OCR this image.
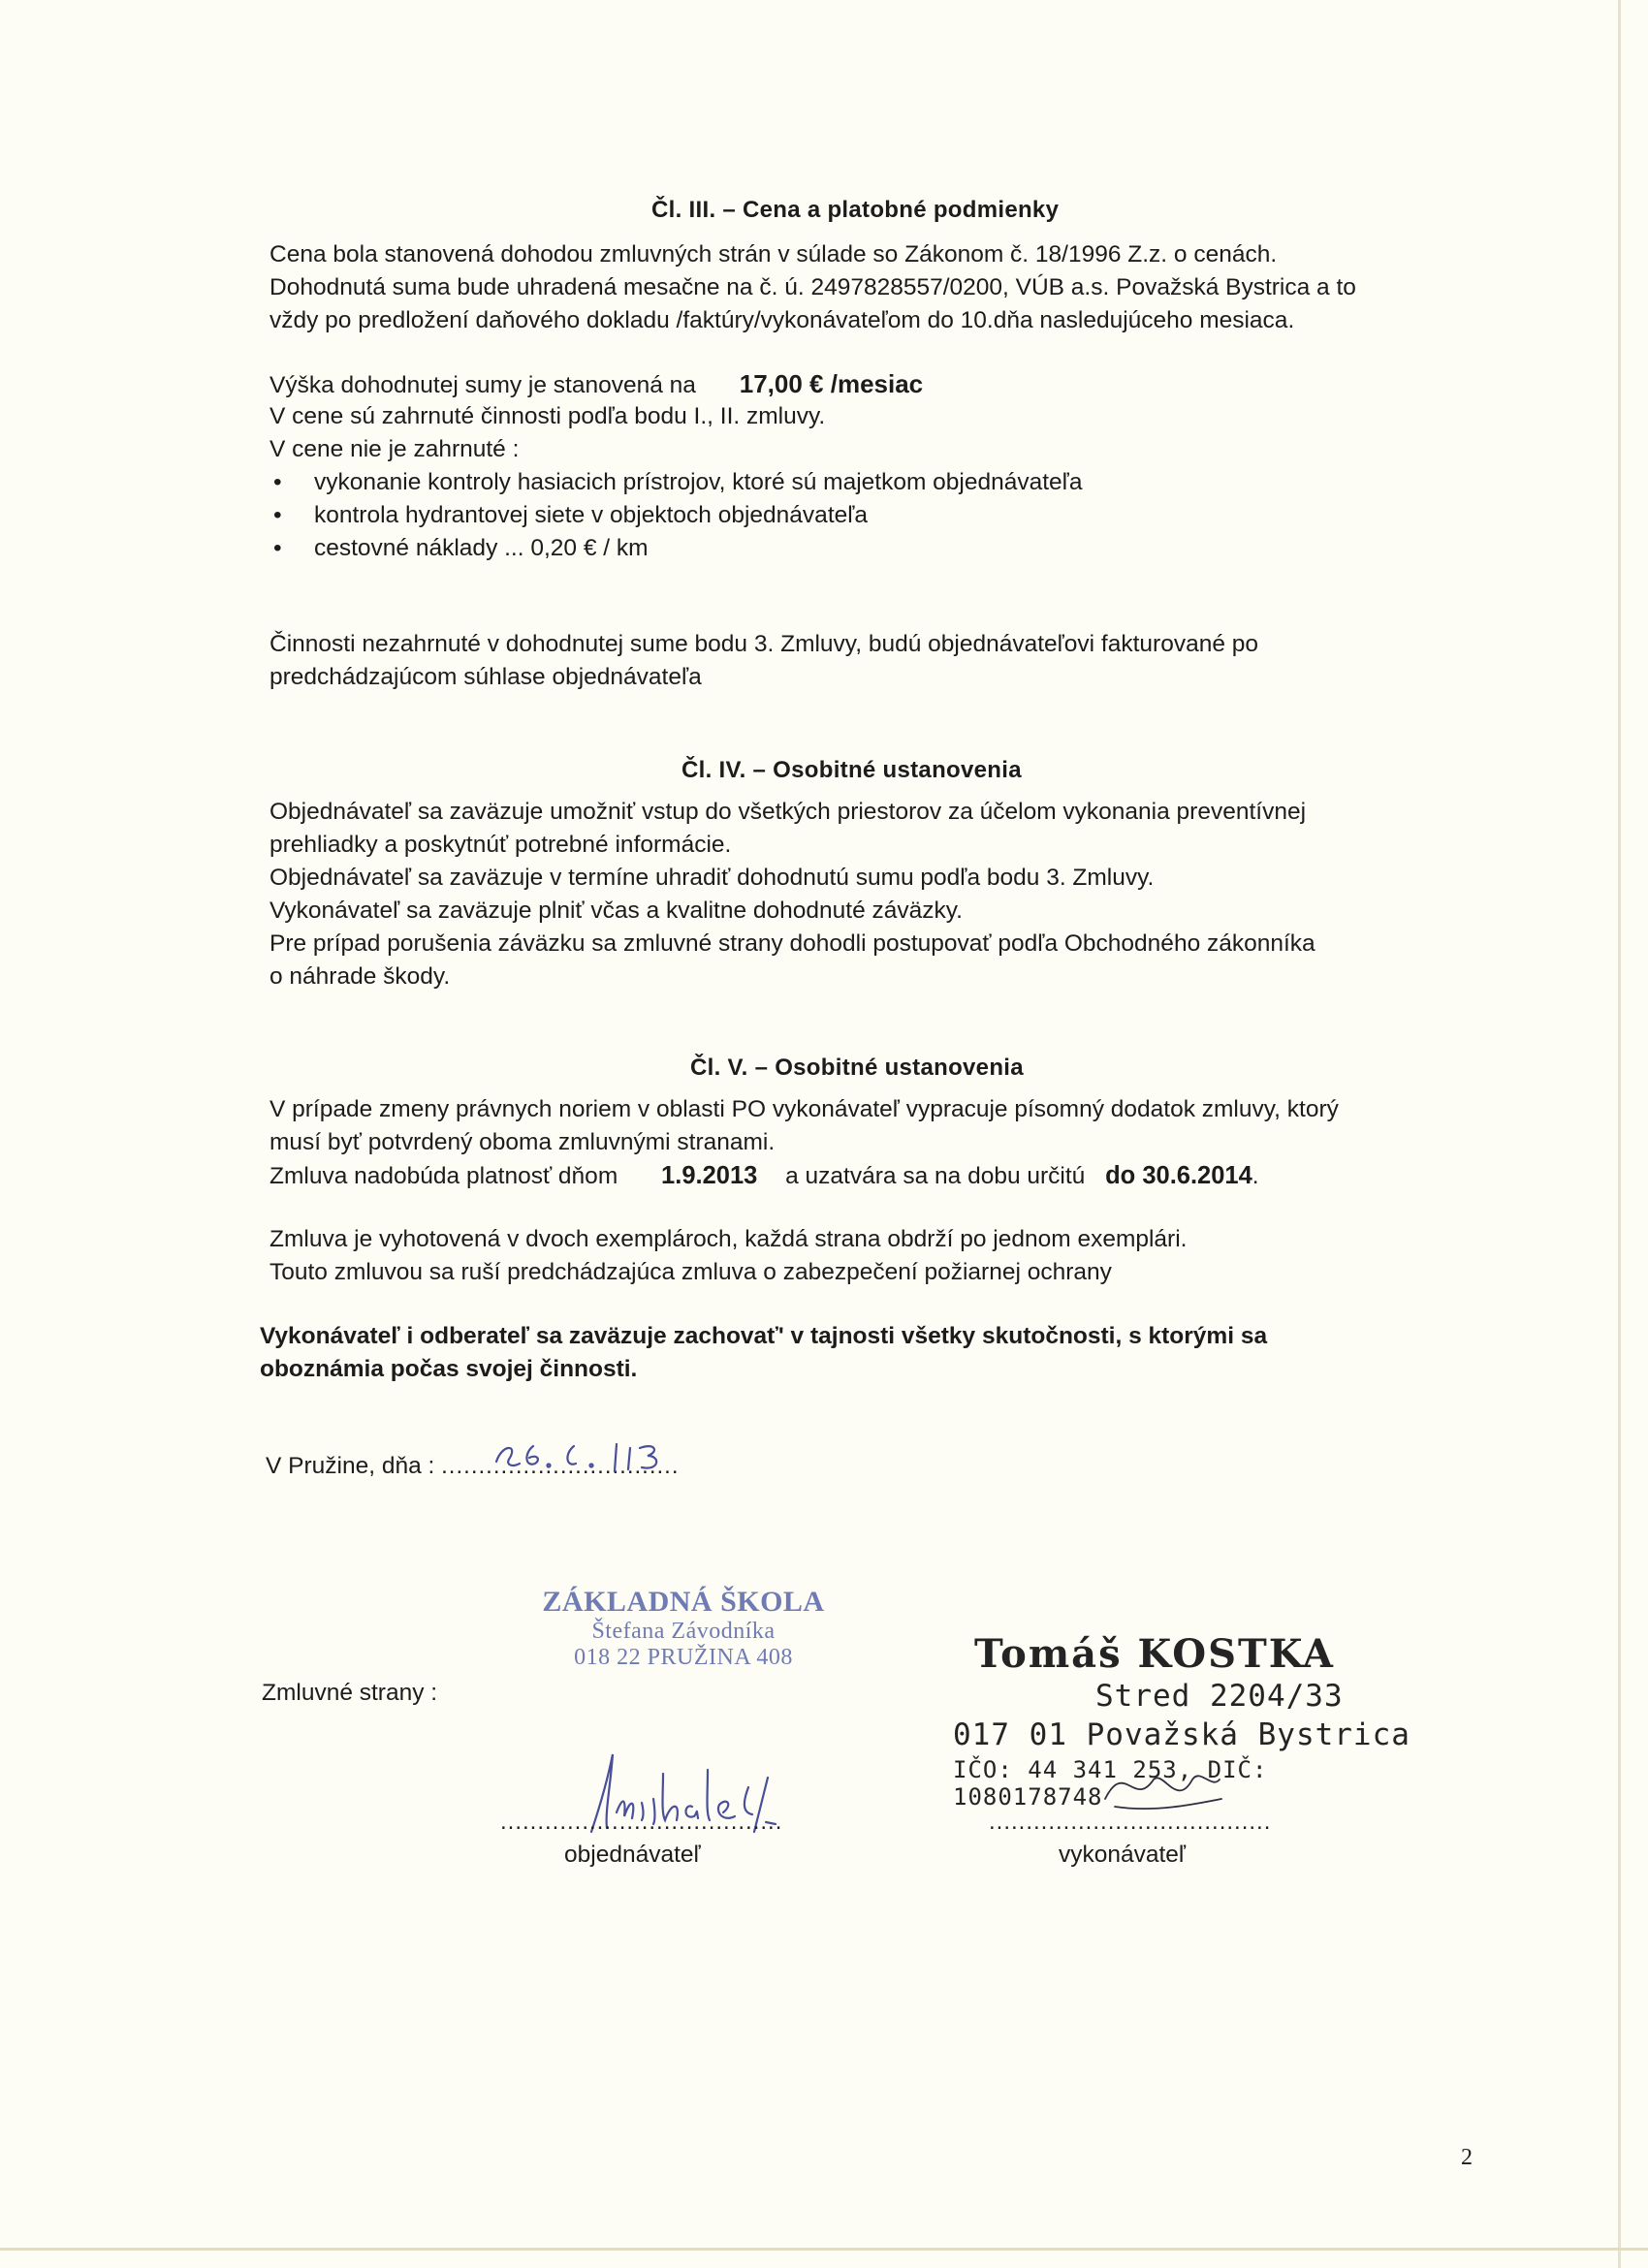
Čl. III. – Cena a platobné podmienky
Cena bola stanovená dohodou zmluvných strán v súlade so Zákonom č. 18/1996 Z.z. o cenách.
Dohodnutá suma bude uhradená mesačne na č. ú. 2497828557/0200, VÚB a.s. Považská Bystrica a to
vždy po predložení daňového dokladu /faktúry/vykonávateľom do 10.dňa nasledujúceho mesiaca.
Výška dohodnutej sumy je stanovená na 17,00 € /mesiac
V cene sú zahrnuté činnosti podľa bodu I., II. zmluvy.
V cene nie je zahrnuté :
• vykonanie kontroly hasiacich prístrojov, ktoré sú majetkom objednávateľa
• kontrola hydrantovej siete v objektoch objednávateľa
• cestovné náklady ... 0,20 € / km
Činnosti nezahrnuté v dohodnutej sume bodu 3. Zmluvy, budú objednávateľovi fakturované po
predchádzajúcom súhlase objednávateľa
Čl. IV. – Osobitné ustanovenia
Objednávateľ sa zaväzuje umožniť vstup do všetkých priestorov za účelom vykonania preventívnej
prehliadky a poskytnúť potrebné informácie.
Objednávateľ sa zaväzuje v termíne uhradiť dohodnutú sumu podľa bodu 3. Zmluvy.
Vykonávateľ sa zaväzuje plniť včas a kvalitne dohodnuté záväzky.
Pre prípad porušenia záväzku sa zmluvné strany dohodli postupovať podľa Obchodného zákonníka
o náhrade škody.
Čl. V. – Osobitné ustanovenia
V prípade zmeny právnych noriem v oblasti PO vykonávateľ vypracuje písomný dodatok zmluvy, ktorý
musí byť potvrdený oboma zmluvnými stranami.
Zmluva nadobúda platnosť dňom 1.9.2013 a uzatvára sa na dobu určitú do 30.6.2014.
Zmluva je vyhotovená v dvoch exemplároch, každá strana obdrží po jednom exemplári.
Touto zmluvou sa ruší predchádzajúca zmluva o zabezpečení požiarnej ochrany
Vykonávateľ i odberateľ sa zaväzuje zachovať' v tajnosti všetky skutočnosti, s ktorými sa
oboznámia počas svojej činnosti.
V Pružine, dňa : ................................
ZÁKLADNÁ ŠKOLA
Štefana Závodníka
018 22 PRUŽINA 408
Zmluvné strany :
Tomáš KOSTKA
Stred 2204/33
017 01 Považská Bystrica
IČO: 44 341 253, DIČ: 1080178748
......................................	......................................
objednávateľ	vykonávateľ
2
